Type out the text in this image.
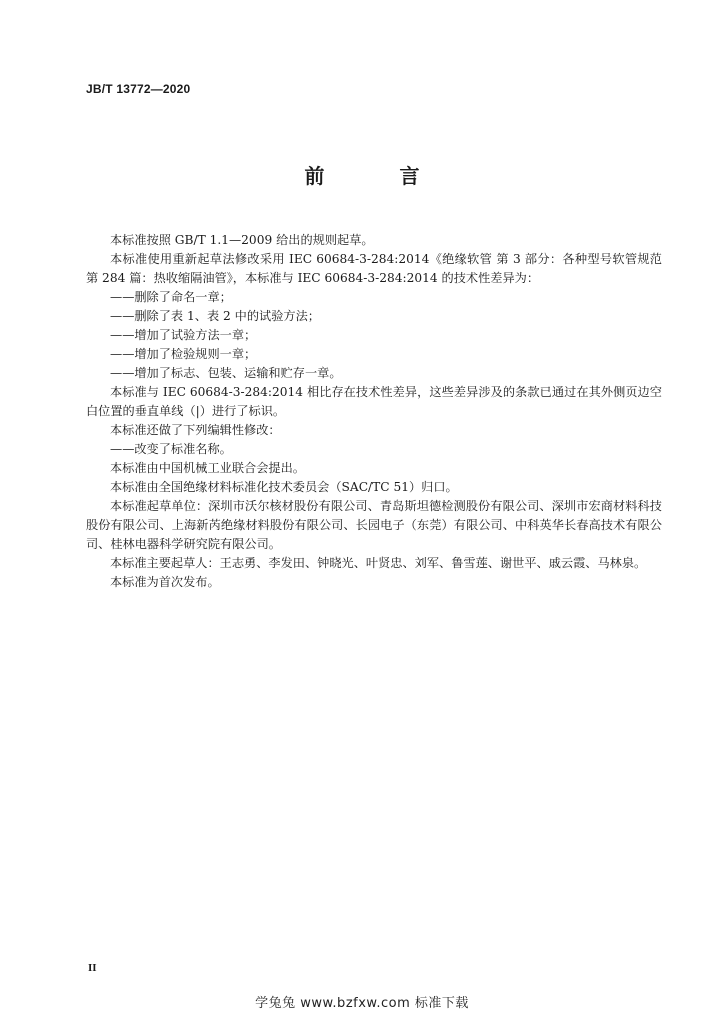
JB/T 13772—2020
前 言

本标准按照 GB/T 1.1—2009 给出的规则起草。

本标准使用重新起草法修改采用 IEC 60684-3-284:2014《绝缘软管 第 3 部分：各种型号软管规范 第 284 篇：热收缩隔油管》，本标准与 IEC 60684-3-284:2014 的技术性差异为：

——删除了命名一章；

——删除了表 1、表 2 中的试验方法；

——增加了试验方法一章；

——增加了检验规则一章；

——增加了标志、包装、运输和贮存一章。

本标准与 IEC 60684-3-284:2014 相比存在技术性差异，这些差异涉及的条款已通过在其外侧页边空白位置的垂直单线（|）进行了标识。

本标准还做了下列编辑性修改：

——改变了标准名称。

本标准由中国机械工业联合会提出。

本标准由全国绝缘材料标准化技术委员会（SAC/TC 51）归口。

本标准起草单位：深圳市沃尔核材股份有限公司、青岛斯坦德检测股份有限公司、深圳市宏商材料科技股份有限公司、上海新芮绝缘材料股份有限公司、长园电子（东莞）有限公司、中科英华长春高技术有限公司、桂林电器科学研究院有限公司。

本标准主要起草人：王志勇、李发田、钟晓光、叶贤忠、刘军、鲁雪莲、谢世平、戚云霞、马林泉。

本标准为首次发布。

II
学兔兔 www.bzfxw.com 标准下载
